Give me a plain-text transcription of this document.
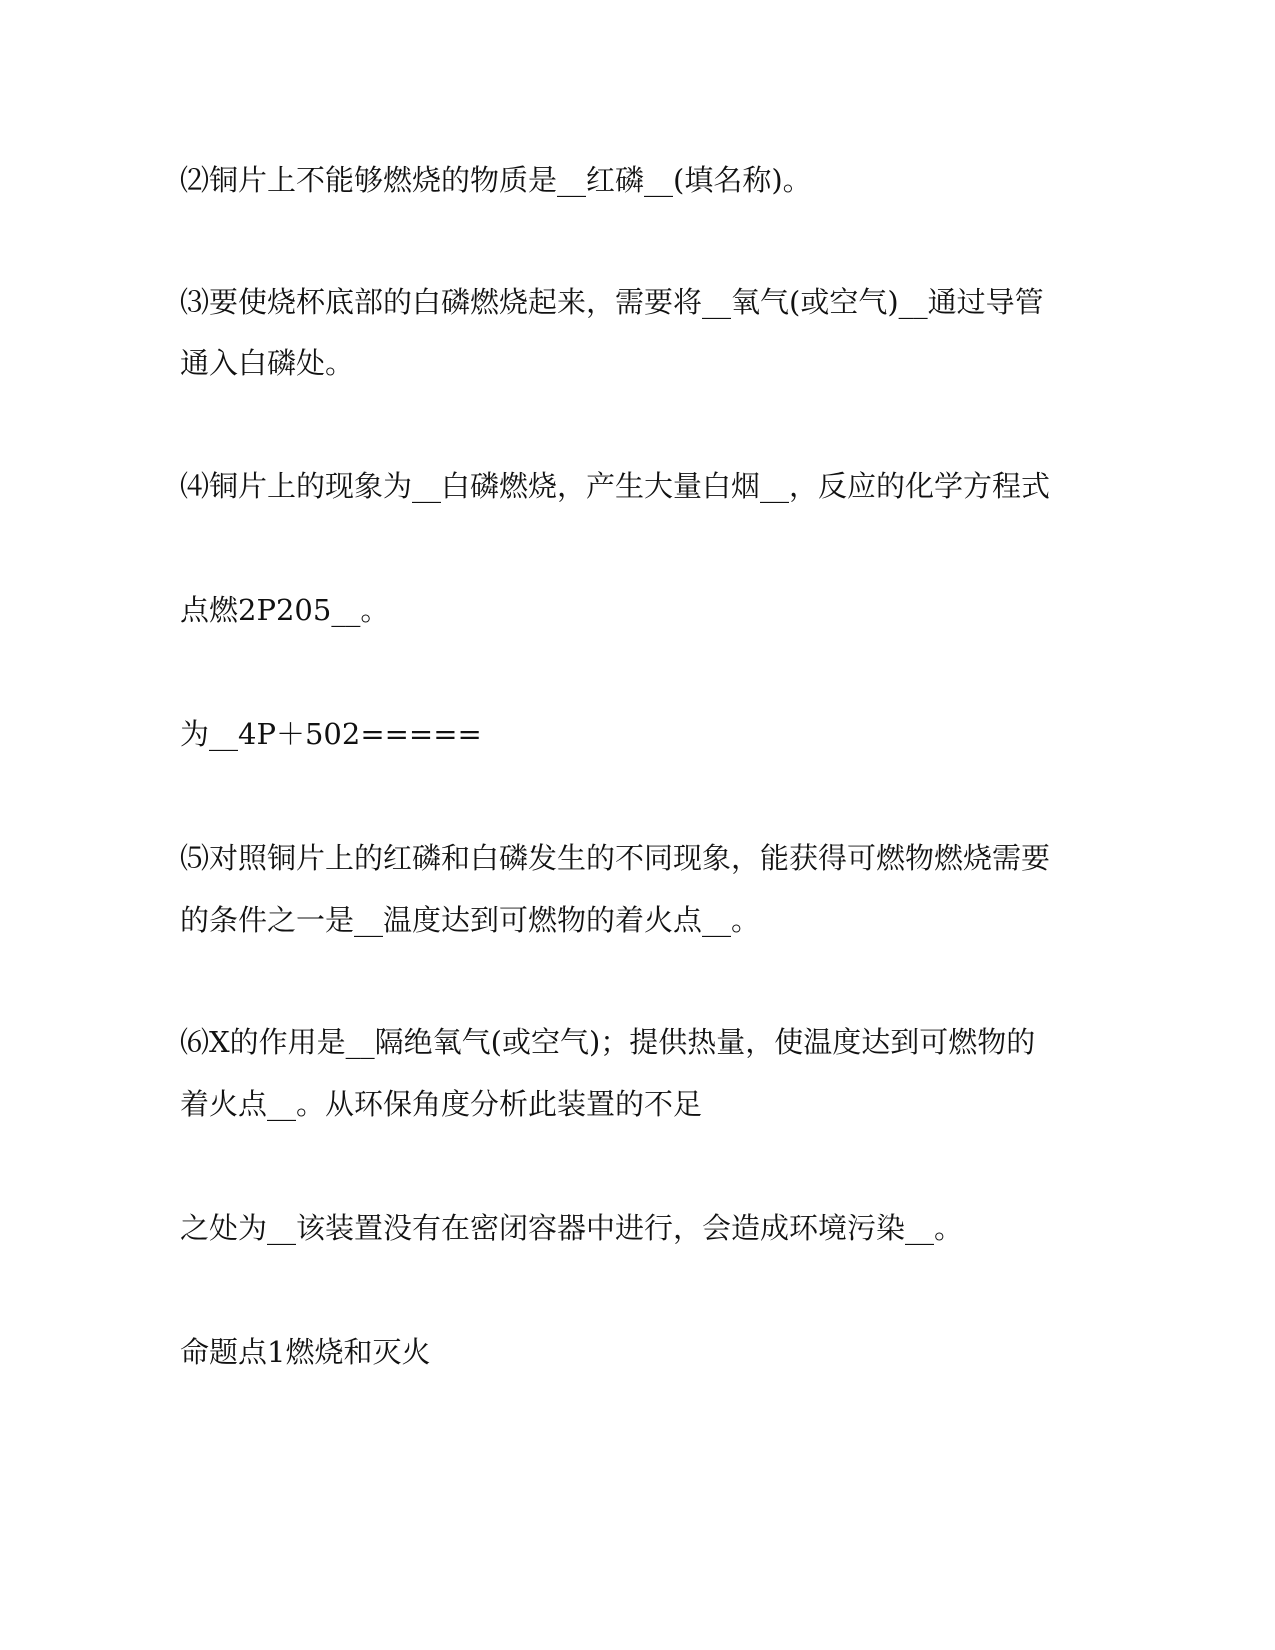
⑵铜片上不能够燃烧的物质是__红磷__(填名称)。

⑶要使烧杯底部的白磷燃烧起来，需要将__氧气(或空气)__通过导管

通入白磷处。

⑷铜片上的现象为__白磷燃烧，产生大量白烟__，反应的化学方程式

点燃2P205__。

为__4P＋502=====

⑸对照铜片上的红磷和白磷发生的不同现象，能获得可燃物燃烧需要

的条件之一是__温度达到可燃物的着火点__。

⑹X的作用是__隔绝氧气(或空气)；提供热量，使温度达到可燃物的

着火点__。从环保角度分析此装置的不足

之处为__该装置没有在密闭容器中进行，会造成环境污染__。

命题点1燃烧和灭火
